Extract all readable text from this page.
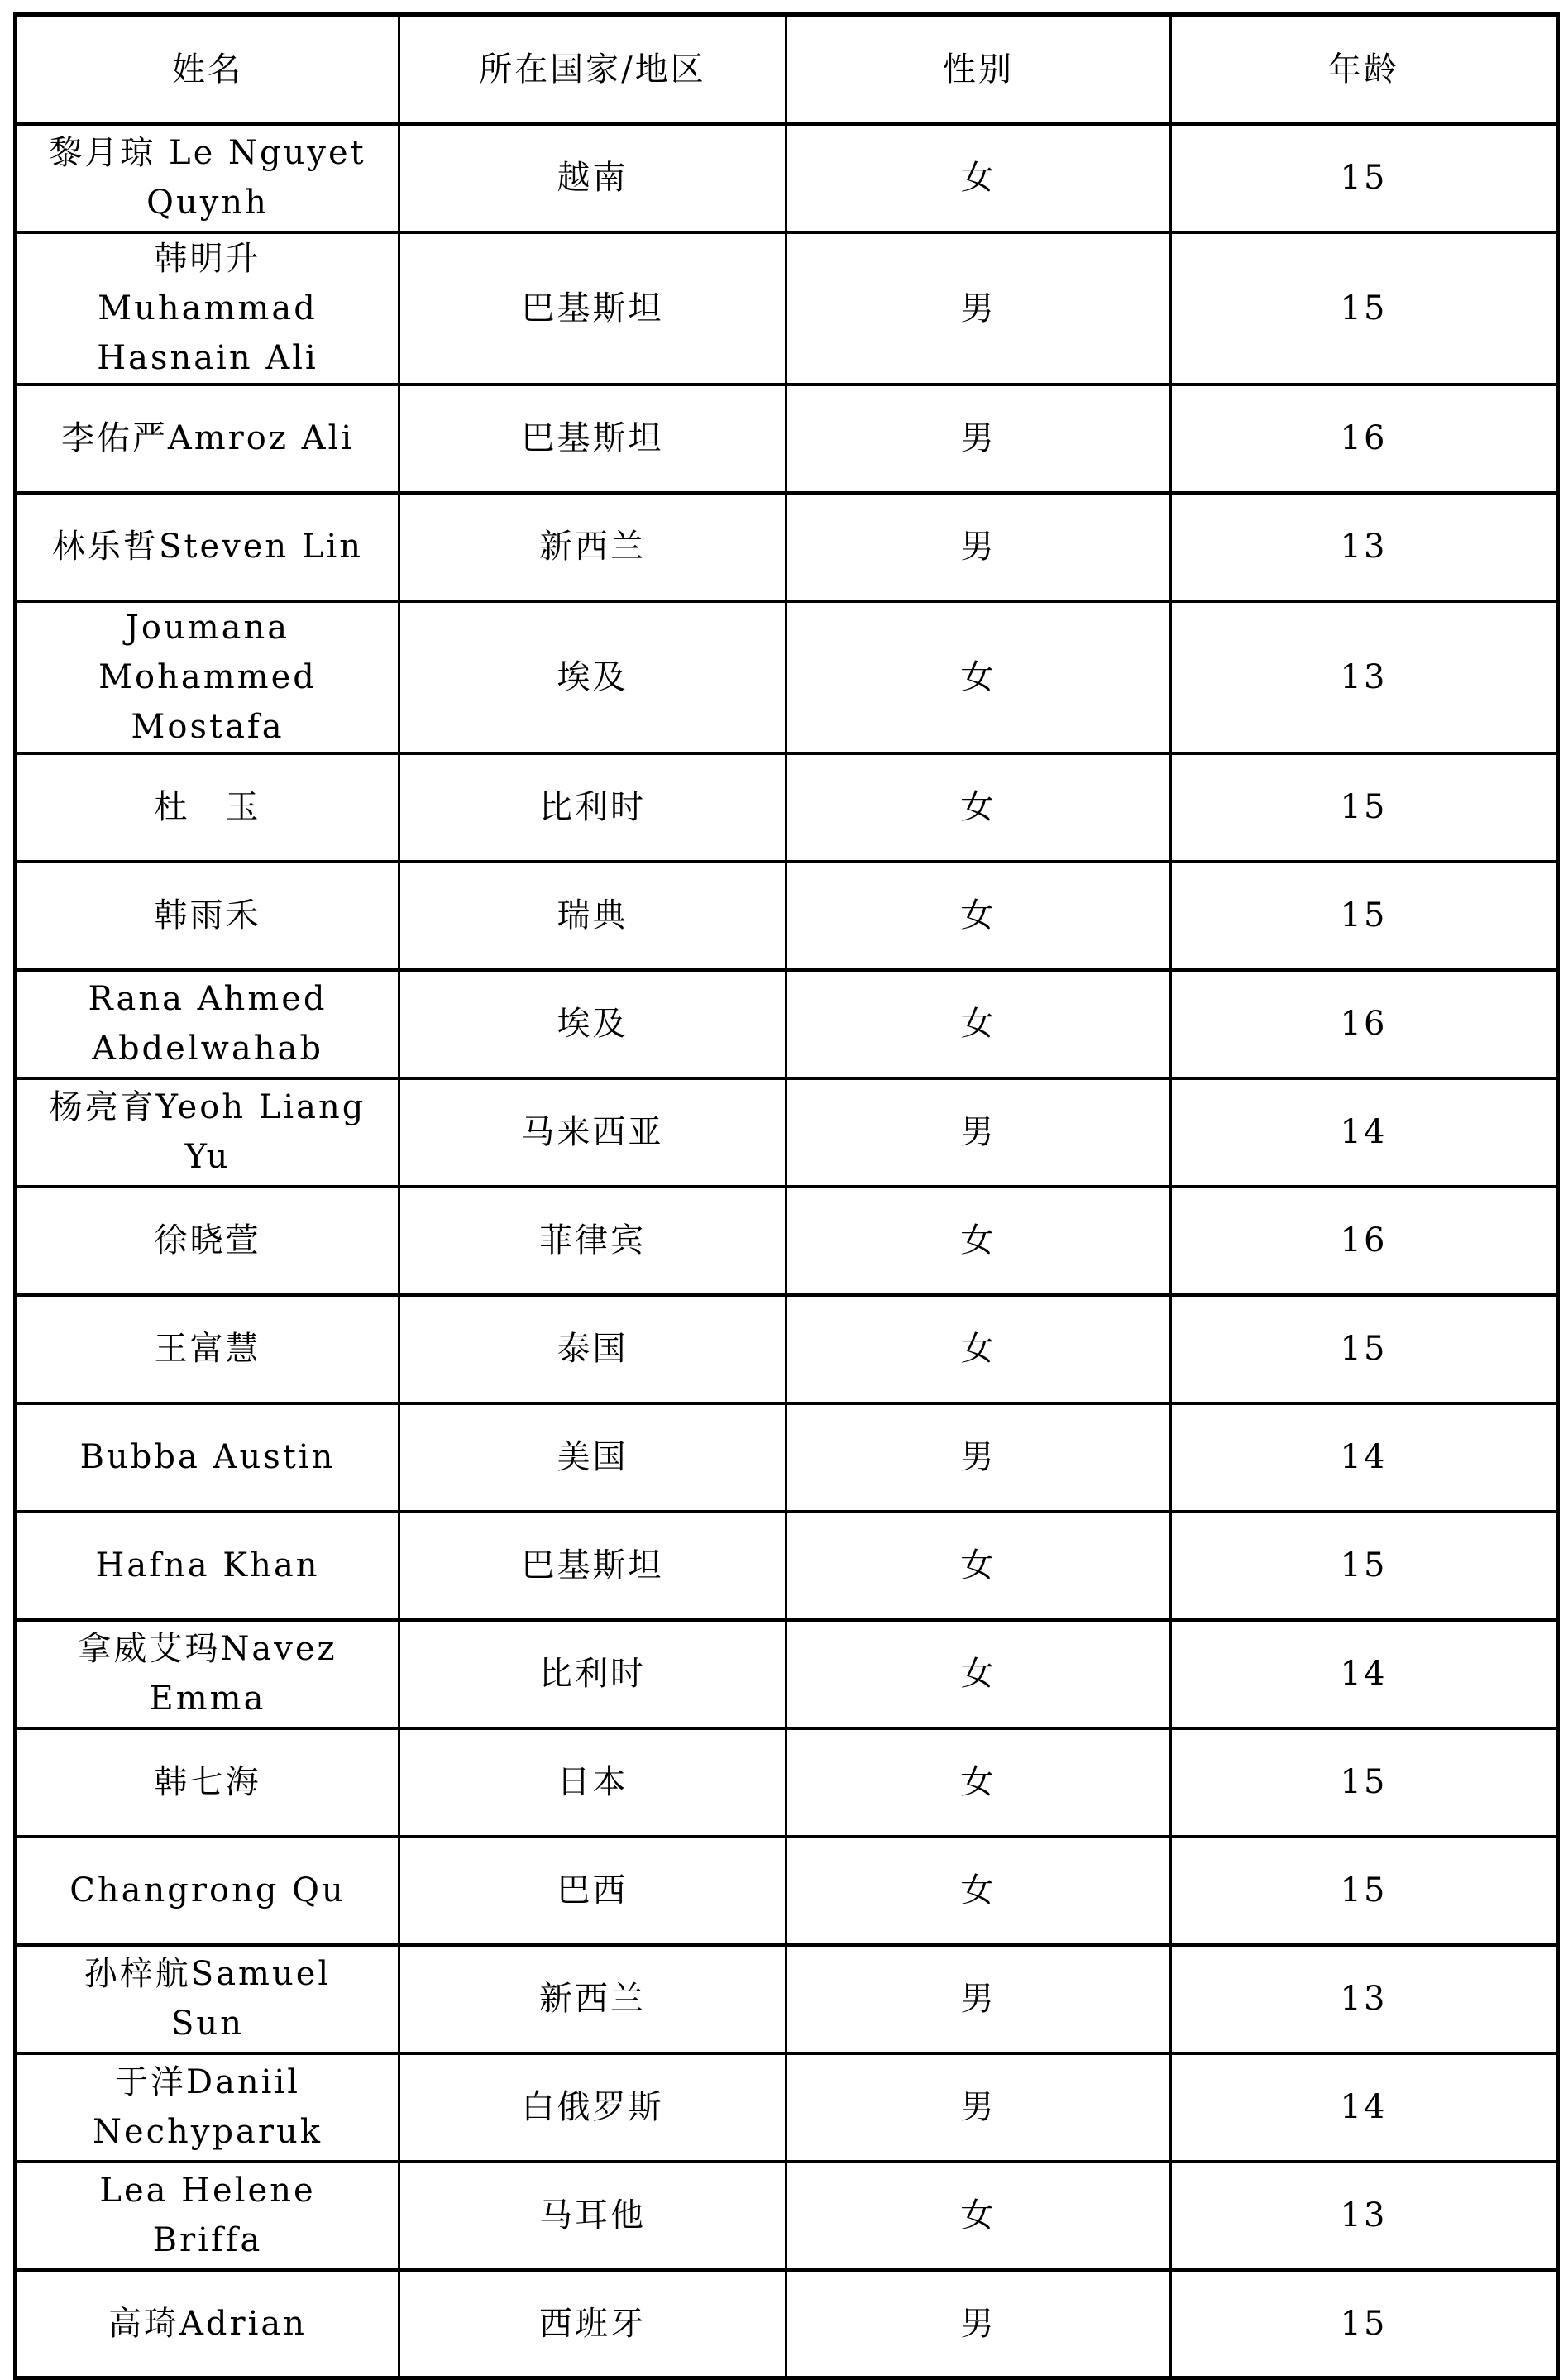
姓名	所在国家/地区	性别	年龄
黎月琼 Le Nguyet Quynh	越南	女	15
韩明升Muhammad Hasnain Ali	巴基斯坦	男	15
李佑严Amroz Ali	巴基斯坦	男	16
林乐哲Steven Lin	新西兰	男	13
Joumana Mohammed Mostafa	埃及	女	13
杜　玉	比利时	女	15
韩雨禾	瑞典	女	15
Rana Ahmed Abdelwahab	埃及	女	16
杨亮育Yeoh Liang Yu	马来西亚	男	14
徐晓萱	菲律宾	女	16
王富慧	泰国	女	15
Bubba Austin	美国	男	14
Hafna Khan	巴基斯坦	女	15
拿威艾玛Navez Emma	比利时	女	14
韩七海	日本	女	15
Changrong Qu	巴西	女	15
孙梓航Samuel Sun	新西兰	男	13
于洋Daniil Nechyparuk	白俄罗斯	男	14
Lea Helene Briffa	马耳他	女	13
高琦Adrian	西班牙	男	15
